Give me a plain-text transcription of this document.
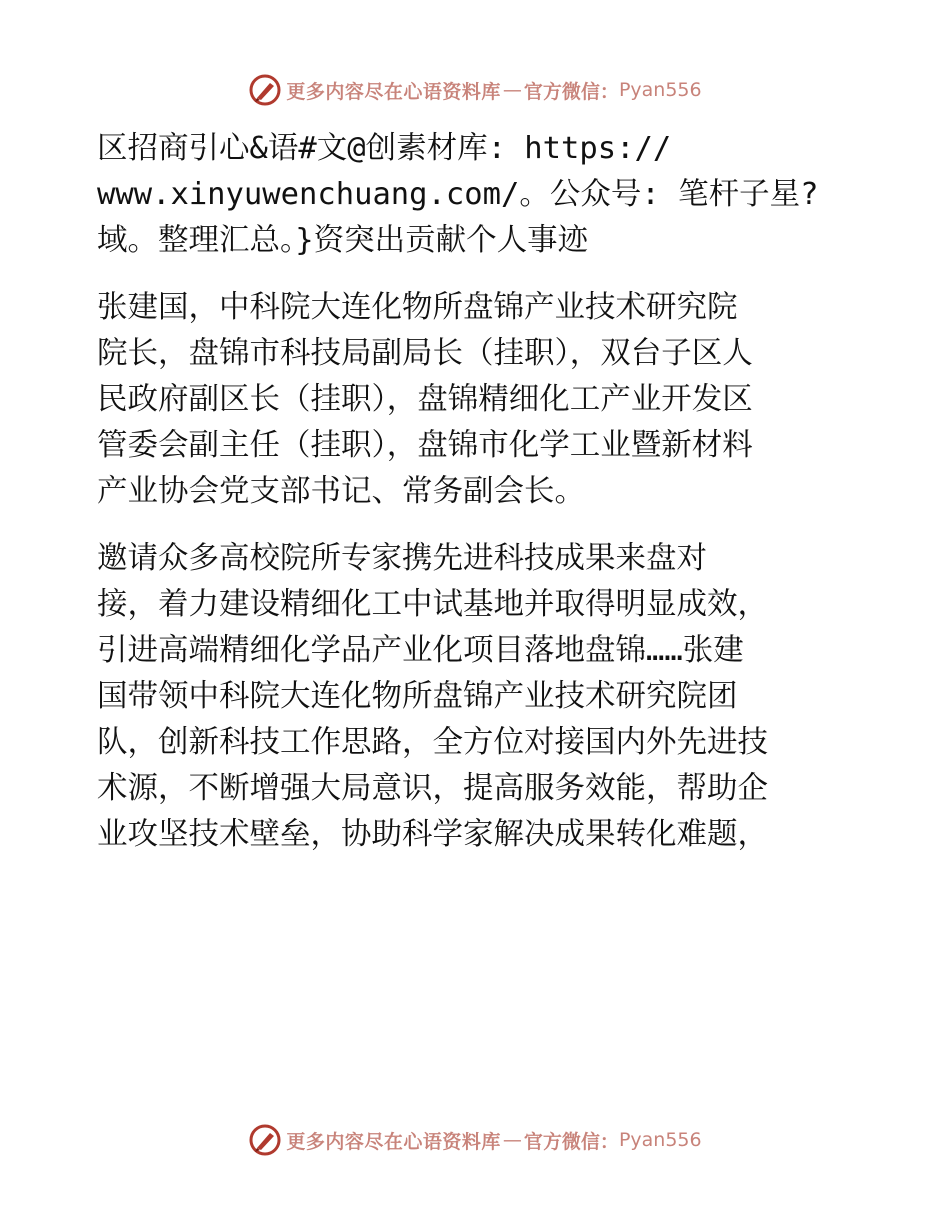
更多内容尽在心语资料库 — 官方微信： Pyan556

区招商引心&语#文@创素材库: https://
www.xinyuwenchuang.com/。公众号: 笔杆子星?
域。整理汇总。}资突出贡献个人事迹

张建国，中科院大连化物所盘锦产业技术研究院
院长，盘锦市科技局副局长（挂职），双台子区人
民政府副区长（挂职），盘锦精细化工产业开发区
管委会副主任（挂职），盘锦市化学工业暨新材料
产业协会党支部书记、常务副会长。

邀请众多高校院所专家携先进科技成果来盘对
接，着力建设精细化工中试基地并取得明显成效，
引进高端精细化学品产业化项目落地盘锦……张建
国带领中科院大连化物所盘锦产业技术研究院团
队，创新科技工作思路，全方位对接国内外先进技
术源，不断增强大局意识，提高服务效能，帮助企
业攻坚技术壁垒，协助科学家解决成果转化难题，

更多内容尽在心语资料库 — 官方微信： Pyan556
